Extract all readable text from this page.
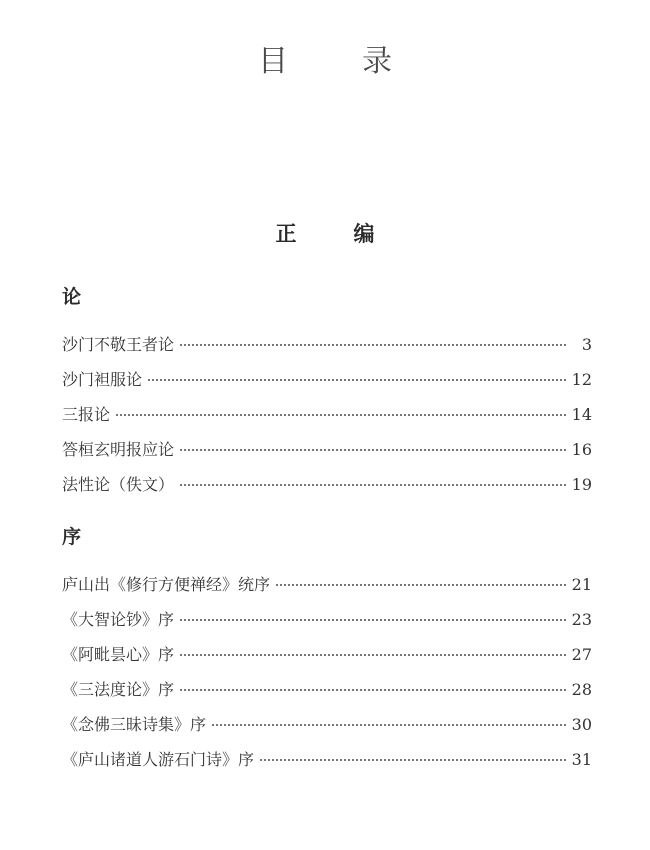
目　录
正　编
论
沙门不敬王者论	3
沙门袒服论	12
三报论	14
答桓玄明报应论	16
法性论（佚文）	19
序
庐山出《修行方便禅经》统序	21
《大智论钞》序	23
《阿毗昙心》序	27
《三法度论》序	28
《念佛三昧诗集》序	30
《庐山诸道人游石门诗》序	31
